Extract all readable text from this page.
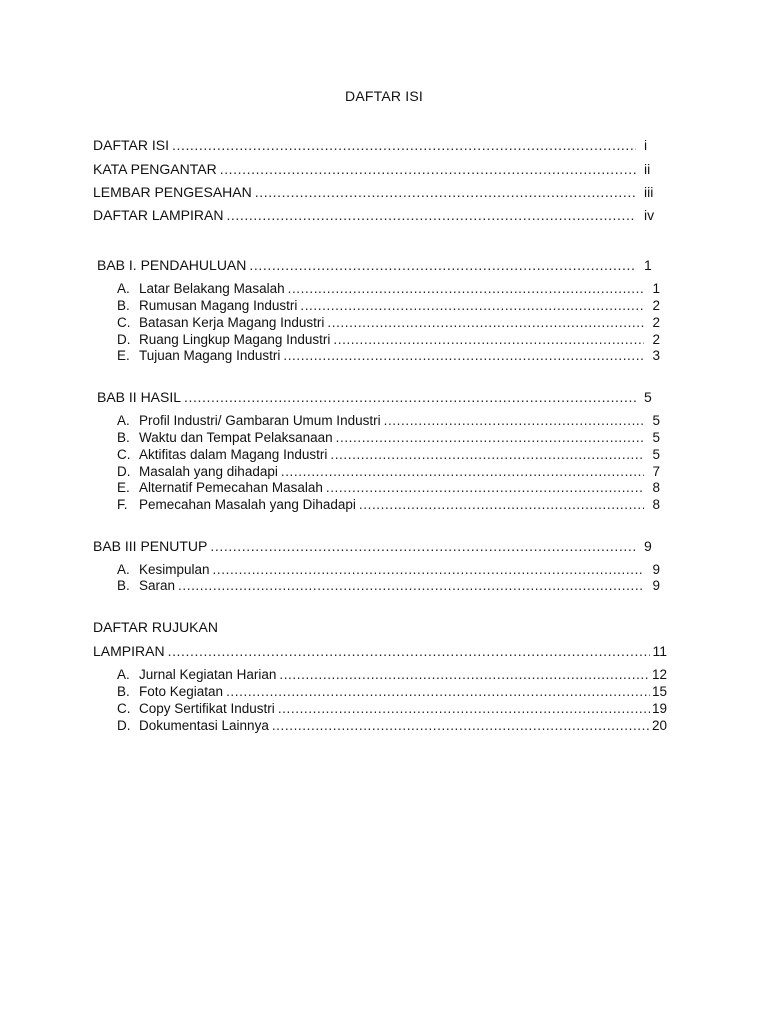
DAFTAR ISI
DAFTAR ISI .....	i
KATA PENGANTAR .....	ii
LEMBAR PENGESAHAN .....	iii
DAFTAR LAMPIRAN .....	iv
BAB I. PENDAHULUAN .....	1
A. Latar Belakang Masalah .....	1
B. Rumusan Magang Industri .....	2
C. Batasan Kerja Magang Industri .....	2
D. Ruang Lingkup Magang Industri .....	2
E. Tujuan Magang Industri .....	3
BAB II HASIL .....	5
A. Profil Industri/ Gambaran Umum Industri .....	5
B. Waktu dan Tempat Pelaksanaan .....	5
C. Aktifitas dalam Magang Industri .....	5
D. Masalah yang dihadapi .....	7
E. Alternatif Pemecahan Masalah .....	8
F. Pemecahan Masalah yang Dihadapi .....	8
BAB III PENUTUP .....	9
A. Kesimpulan .....	9
B. Saran .....	9
DAFTAR RUJUKAN
LAMPIRAN .....	11
A. Jurnal Kegiatan Harian .....	12
B. Foto Kegiatan .....	15
C. Copy Sertifikat Industri .....	19
D. Dokumentasi Lainnya .....	20
